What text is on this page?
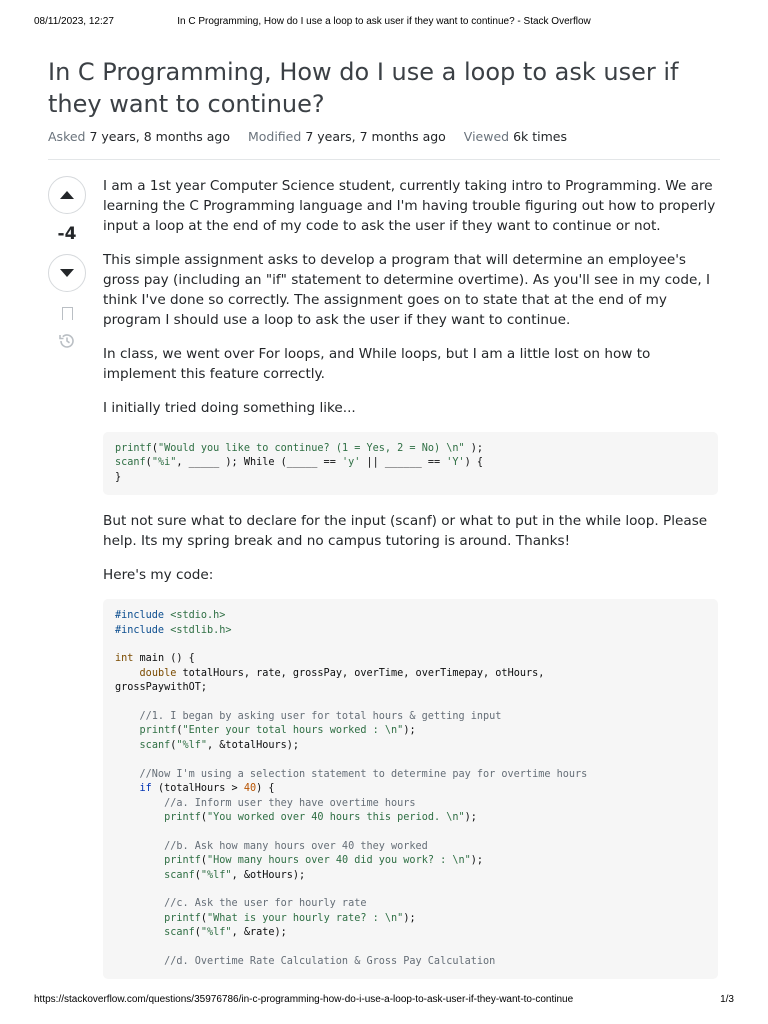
08/11/2023, 12:27	In C Programming, How do I use a loop to ask user if they want to continue? - Stack Overflow
In C Programming, How do I use a loop to ask user if they want to continue?
Asked 7 years, 8 months ago Modified 7 years, 7 months ago Viewed 6k times
-4

I am a 1st year Computer Science student, currently taking intro to Programming. We are learning the C Programming language and I'm having trouble figuring out how to properly input a loop at the end of my code to ask the user if they want to continue or not.

This simple assignment asks to develop a program that will determine an employee's gross pay (including an "if" statement to determine overtime). As you'll see in my code, I think I've done so correctly. The assignment goes on to state that at the end of my program I should use a loop to ask the user if they want to continue.

In class, we went over For loops, and While loops, but I am a little lost on how to implement this feature correctly.

I initially tried doing something like...

printf("Would you like to continue? (1 = Yes, 2 = No) \n" );
scanf("%i", _____ ); While (_____ == 'y' || ______ == 'Y') {
}

But not sure what to declare for the input (scanf) or what to put in the while loop. Please help. Its my spring break and no campus tutoring is around. Thanks!

Here's my code:

#include <stdio.h>
#include <stdlib.h>

int main () {
double totalHours, rate, grossPay, overTime, overTimepay, otHours,
grossPaywithOT;

//1. I began by asking user for total hours & getting input
printf("Enter your total hours worked : \n");
scanf("%lf", &totalHours);

//Now I'm using a selection statement to determine pay for overtime hours
if (totalHours > 40) {
//a. Inform user they have overtime hours
printf("You worked over 40 hours this period. \n");

//b. Ask how many hours over 40 they worked
printf("How many hours over 40 did you work? : \n");
scanf("%lf", &otHours);

//c. Ask the user for hourly rate
printf("What is your hourly rate? : \n");
scanf("%lf", &rate);

//d. Overtime Rate Calculation & Gross Pay Calculation
https://stackoverflow.com/questions/35976786/in-c-programming-how-do-i-use-a-loop-to-ask-user-if-they-want-to-continue	1/3
